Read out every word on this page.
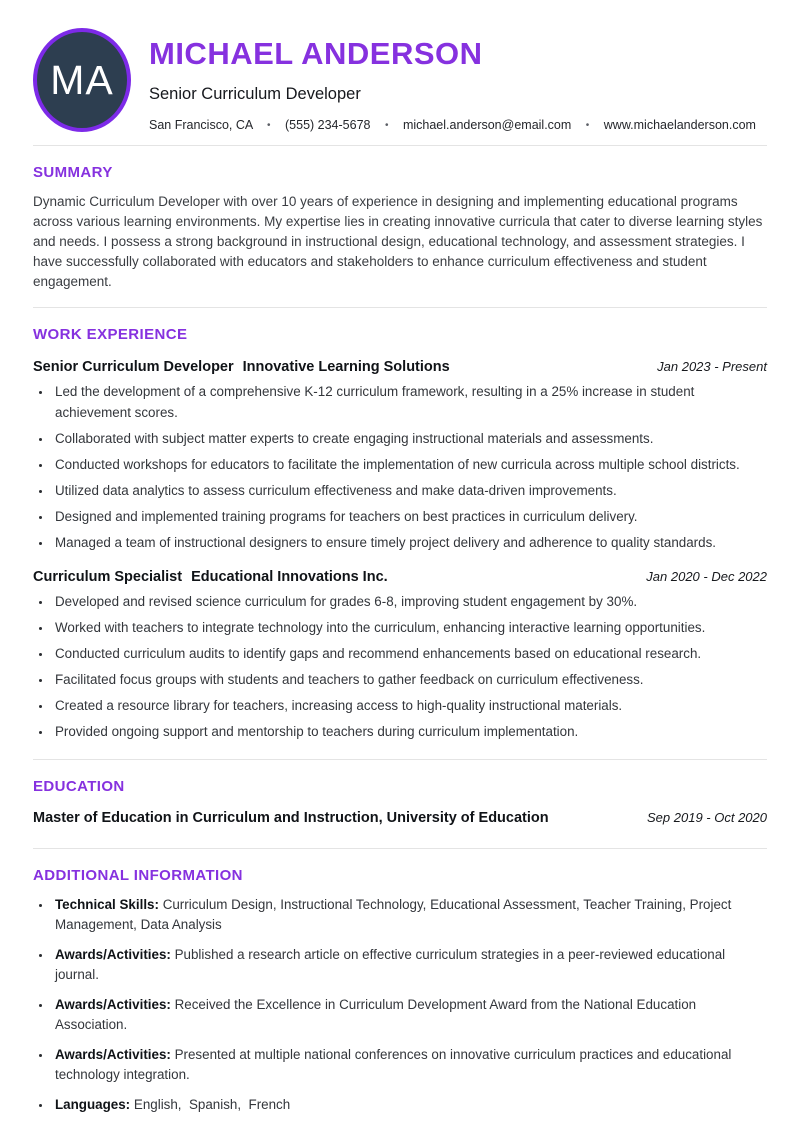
MA
MICHAEL ANDERSON
Senior Curriculum Developer
San Francisco, CA • (555) 234-5678 • michael.anderson@email.com • www.michaelanderson.com
SUMMARY

Dynamic Curriculum Developer with over 10 years of experience in designing and implementing educational programs across various learning environments. My expertise lies in creating innovative curricula that cater to diverse learning styles and needs. I possess a strong background in instructional design, educational technology, and assessment strategies. I have successfully collaborated with educators and stakeholders to enhance curriculum effectiveness and student engagement.

WORK EXPERIENCE
Senior Curriculum Developer Innovative Learning Solutions	Jan 2023 - Present
• Led the development of a comprehensive K-12 curriculum framework, resulting in a 25% increase in student achievement scores.
• Collaborated with subject matter experts to create engaging instructional materials and assessments.
• Conducted workshops for educators to facilitate the implementation of new curricula across multiple school districts.
• Utilized data analytics to assess curriculum effectiveness and make data-driven improvements.
• Designed and implemented training programs for teachers on best practices in curriculum delivery.
• Managed a team of instructional designers to ensure timely project delivery and adherence to quality standards.
Curriculum Specialist Educational Innovations Inc.	Jan 2020 - Dec 2022
• Developed and revised science curriculum for grades 6-8, improving student engagement by 30%.
• Worked with teachers to integrate technology into the curriculum, enhancing interactive learning opportunities.
• Conducted curriculum audits to identify gaps and recommend enhancements based on educational research.
• Facilitated focus groups with students and teachers to gather feedback on curriculum effectiveness.
• Created a resource library for teachers, increasing access to high-quality instructional materials.
• Provided ongoing support and mentorship to teachers during curriculum implementation.
EDUCATION
Master of Education in Curriculum and Instruction, University of Education	Sep 2019 - Oct 2020
ADDITIONAL INFORMATION
• Technical Skills: Curriculum Design, Instructional Technology, Educational Assessment, Teacher Training, Project Management, Data Analysis
• Awards/Activities: Published a research article on effective curriculum strategies in a peer-reviewed educational journal.
• Awards/Activities: Received the Excellence in Curriculum Development Award from the National Education Association.
• Awards/Activities: Presented at multiple national conferences on innovative curriculum practices and educational technology integration.
• Languages: English,  Spanish,  French
